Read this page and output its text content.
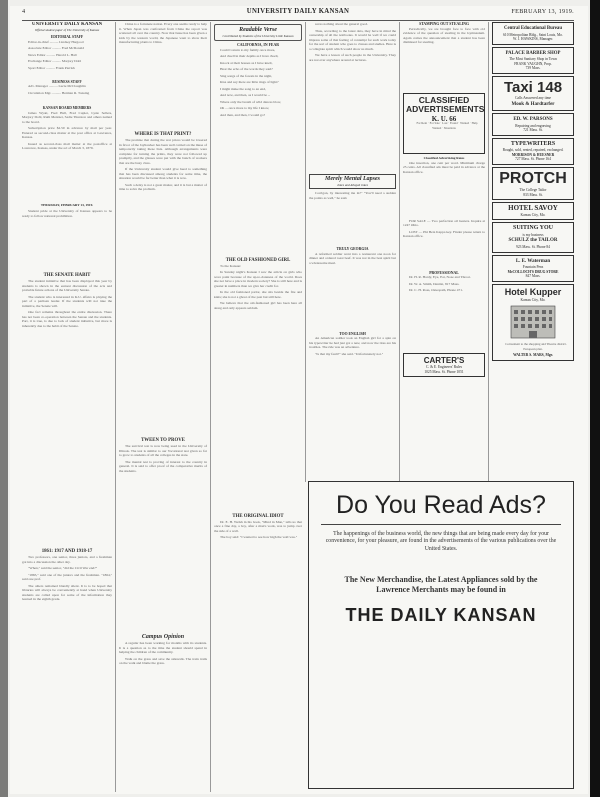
4	UNIVERSITY DAILY KANSAN	FEBRUARY 13, 1919.
UNIVERSITY DAILY KANSAN
Official student paper of The University of Kansas
EDITORIAL STAFF

Editor-in-chief .......... Lindsey Hargood

Associate Editor .......... Fred McDonald

News Editor .......... Harold L. Hall

Exchange Editor .......... Marjory Dobl

Sport Editor .......... Frank Parrish

BUSINESS STAFF

Adv. Manager .......... Lucie McClaughlin

Circulation Mgr. .......... Herman R. Tonsing

KANSAN BOARD MEMBERS

James Wyatt, Fred Hall, Fred Cupler, Lysle Sellers, Marjory Dobl, Ruth Mentzer, Sadie Thurston and others named to the board.

Subscription price $2.50 in advance by mail per year. Entered as second-class matter at the post office at Lawrence, Kansas.

Issued as second-class mail matter at the postoffice at Lawrence, Kansas, under the act of March 3, 1879.

THURSDAY, FEBRUARY 13, 1919.

Student pride at the University of Kansas appears to be ready to follow national prohibition.

THE SENATE HABIT

The student initiative that has been displayed this year by students is shown in the earnest discussion of the acts and probable future actions of the University Senate.

The student who is interested in K.U. affairs is playing the part of a partisan leader. If the students will not take the initiative, the Senate will.

One fact remains throughout the entire discussion. There has not been co-operation between the Senate and the students. Part, it is true, is due to lack of student initiative, but more is inherently due to the habit of the Senate.

1861: 1917 AND 1918-17

Two professors, one senior, three juniors, and a freshman got into a discussion the other day.

"When," said the senior, "did the Civil War end?"

"1865," said one of the juniors and the freshman. "1864," said one prof.

The others remained blandly silent. It is to be hoped that libraries will always be conveniently at hand when University students are called upon for some of the information they learned in the eighth grade.

China is a fortunate nation. Every one seems ready to help it. When Japan was confronted from China the report was scattered all over the country. Now that Issue has been given a kick by the western world, the Japanese want to show their manufacturing plants to China.

WHERE IS THAT PRINT?

The promise that during the war prices would be lowered in favor of the Jayhawker has been well carried on the muse of temporarily taking these lists. Although arrangements were complete for turning the prints, they were not followed up promptly, and the glasses were put with the bunch of workers that are the busy class.

If the University student would give heed to something that has been discussed among students for some time, the situation would be far better than what it is now.

Such a delay is not a great matter, and it is but a matter of time to solve the problem.

TWEEN TO PROVE

The survival test is now being used in the University of Illinois. The test is similar to our Vocational test given so far to grow to students of all the colleges in the state.

The mental test is proving of interest to the country in general. It is said to offer proof of the comparative merits of the students.

Campus Opinion

A regular has been working for months with its students. It is a question as to the time the student should spend in helping the children of the community.

Walk on the grass and save the sidewalk. The train trails on the walk and blame the grass.

Readable Verse
Contributed by Students of the University Little Kansan
CALIFORNIA, IN FEAR

Could I return to my family once more,

And dwell in their depths as I have dwelt,

Knock at their houses as I have knelt,

Hear the echo of the words they said?

Sing songs of the forests in the night,

Kiss and say there are little rings of light?

I might make the song to an end,

And now, and then, as I would be --

Where only the breath of wild dances blow,

Oh ... once more to my life I know,

And then, and then, I would go?

THE OLD FASHIONED GIRL

To the Kansan:

In Sunday night's Kansan I saw the article on girls who wore paint because of the up-to-dateness of the world. Does she not have a place in modern society? She is still here and is greater in numbers than we give her credit for.

In the old fashioned parlor, she sits beside the fire and knits; she is not a ghost of the past but still here.

We believe that the old-fashioned girl has been here all along and only appears seldom.

THE ORIGINAL IDIOT

Dr. E. H. Welsh in his book, "Mind in Man," tells us that once a fine day, a boy, after a man's work, was to jump over the side of a wall.

The boy said: "I wanted to see how high the wall was."

saves nothing about the general good.

Thus, according to the latest data, they have in mind the ownership of all the textbooks. It would be well if we could impress some of that feeling of contempt for such work today for the sort of student who goes to classes and studies. Here is a collegiate spirit which would show us much.

We have a lesson of such people in the University. They are not ever anywhere around at lectures.

Merely Mental Lapses
Jokes and Alleged Jokes

Corrigan, by interesting me in?" "You'll need a sudden the points as well," he said.

TRULY GEORGIA

A reformed soldier went into a restaurant one noon for dinner and ordered roast beef. It was not in the best spirit but a wholesome meal.

TOO ENGLISH

An American soldier took an English girl for a spin on his typewriter he had just got a new, and now the tires are his troubles. The ride was an adventure.

"Is that my fault?" she said. "Unfortunately not."

STAMPING OUT STEALING

Periodically, we are brought face to face with old evidence of the question of stealing in the Gymnasium. Again comes the announcement that a student has been dismissed for stealing.

CLASSIFIED ADVERTISEMENTS
K. U. 66

For Rent · For Sale · Lost · Found · Wanted · Help Wanted · Situations

Classified Advertising Rates

One insertion, one cent per word. Minimum charge 25 cents. All classified ads must be paid in advance at the Kansan office.

FOR SALE — Two perfection oil heaters. Inquire at 1247 Ohio.

LOST — Phi Beta Kappa key. Finder please return to Kansan office.

PROFESSIONAL

Dr. H. R. Hardy, Eye, Ear, Nose and Throat.

Dr. W. A. Smith, Dentist, 817 Mass.

Dr. C. H. Ross, Osteopath, Phone 471.

CARTER'S
C. & E. Engineers' Rules
1025 Mass. St. Phone 1051
Central Educational Bureau
610 Metropolitan Bldg., Saint Louis, Mo.
W. J. HAWKINS, Manager.
PALACE BARBER SHOP
The Most Sanitary Shop in Town
FRANK VAUGHN, Prop.
739 Mass.
Taxi 148
Calls Answered any time
Mook & Hardtarfer
ED. W. PARSONS
Repairing and engraving
721 Mass. St.
TYPEWRITERS
Bought, sold, rented, repaired, exchanged.
MORRISON & HUESNER
727 Mass. St. Phone 164
PROTCH
The College Tailor
833 Mass. St.
HOTEL SAVOY
Kansas City, Mo.
SUITING YOU
is my business
SCHULZ the TAILOR
923 Mass. St. Phone 84
L. E. Waterman
Fountain Pens
McCOLLOCH'S DRUG STORE
847 Mass.
Hotel Kupper
Kansas City, Mo.

Convenient to the shopping and Theatre district. European plan.

WALTER S. MARS, Mgr.
Do You Read Ads?
The happenings of the business world, the new things that are being made every day for your convenience, for your pleasure, are found in the advertisements of the various publications over the United States.
The New Merchandise, the Latest Appliances sold by the Lawrence Merchants may be found in
THE DAILY KANSAN
